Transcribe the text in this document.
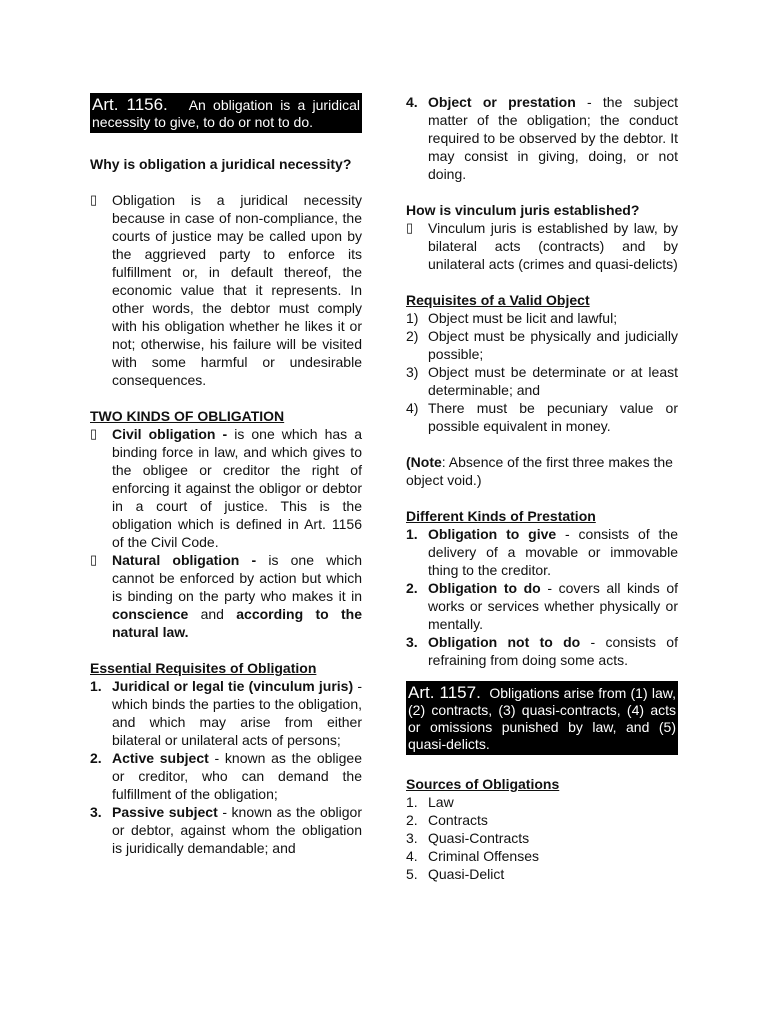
Art. 1156. An obligation is a juridical necessity to give, to do or not to do.

Why is obligation a juridical necessity?

▯	Obligation is a juridical necessity because in case of non-compliance, the courts of justice may be called upon by the aggrieved party to enforce its fulfillment or, in default thereof, the economic value that it represents. In other words, the debtor must comply with his obligation whether he likes it or not; otherwise, his failure will be visited with some harmful or undesirable consequences.

TWO KINDS OF OBLIGATION

▯	Civil obligation - is one which has a binding force in law, and which gives to the obligee or creditor the right of enforcing it against the obligor or debtor in a court of justice. This is the obligation which is defined in Art. 1156 of the Civil Code.
▯	Natural obligation - is one which cannot be enforced by action but which is binding on the party who makes it in conscience and according to the natural law.

Essential Requisites of Obligation

1. Juridical or legal tie (vinculum juris) - which binds the parties to the obligation, and which may arise from either bilateral or unilateral acts of persons;
2. Active subject - known as the obligee or creditor, who can demand the fulfillment of the obligation;
3. Passive subject - known as the obligor or debtor, against whom the obligation is juridically demandable; and
4. Object or prestation - the subject matter of the obligation; the conduct required to be observed by the debtor. It may consist in giving, doing, or not doing.

How is vinculum juris established?

▯	Vinculum juris is established by law, by bilateral acts (contracts) and by unilateral acts (crimes and quasi-delicts)

Requisites of a Valid Object

1) Object must be licit and lawful;
2) Object must be physically and judicially possible;
3) Object must be determinate or at least determinable; and
4) There must be pecuniary value or possible equivalent in money.

(Note: Absence of the first three makes the object void.)

Different Kinds of Prestation

1. Obligation to give - consists of the delivery of a movable or immovable thing to the creditor.
2. Obligation to do - covers all kinds of works or services whether physically or mentally.
3. Obligation not to do - consists of refraining from doing some acts.
Art. 1157. Obligations arise from (1) law, (2) contracts, (3) quasi-contracts, (4) acts or omissions punished by law, and (5) quasi-delicts.

Sources of Obligations

1. Law
2. Contracts
3. Quasi-Contracts
4. Criminal Offenses
5. Quasi-Delict
